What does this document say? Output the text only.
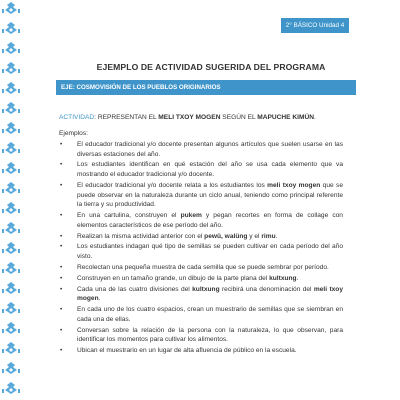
2° BÁSICO Unidad 4
EJEMPLO DE ACTIVIDAD SUGERIDA DEL PROGRAMA
EJE: COSMOVISIÓN DE LOS PUEBLOS ORIGINARIOS
ACTIVIDAD: REPRESENTAN EL MELI TXOY MOGEN SEGÚN EL MAPUCHE KIMÜN.
Ejemplos:
• El educador tradicional y/o docente presentan algunos artículos que suelen usarse en las diversas estaciones del año.
• Los estudiantes identifican en qué estación del año se usa cada elemento que va mostrando el educador tradicional y/o docente.
• El educador tradicional y/o docente relata a los estudiantes los meli txoy mogen que se puede observar en la naturaleza durante un ciclo anual, teniendo como principal referente la tierra y su productividad.
• En una cartulina, construyen el pukem y pegan recortes en forma de collage con elementos característicos de ese período del año.
• Realizan la misma actividad anterior con el pewü, walüng y el rimu.
• Los estudiantes indagan qué tipo de semillas se pueden cultivar en cada período del año visto.
• Recolectan una pequeña muestra de cada semilla que se puede sembrar por período.
• Construyen en un tamaño grande, un dibujo de la parte plana del kultxung.
• Cada una de las cuatro divisiones del kultxung recibirá una denominación del meli txoy mogen.
• En cada uno de los cuatro espacios, crean un muestrario de semillas que se siembran en cada una de ellas.
• Conversan sobre la relación de la persona con la naturaleza, lo que observan, para identificar los momentos para cultivar los alimentos.
• Ubican el muestrario en un lugar de alta afluencia de público en la escuela.
